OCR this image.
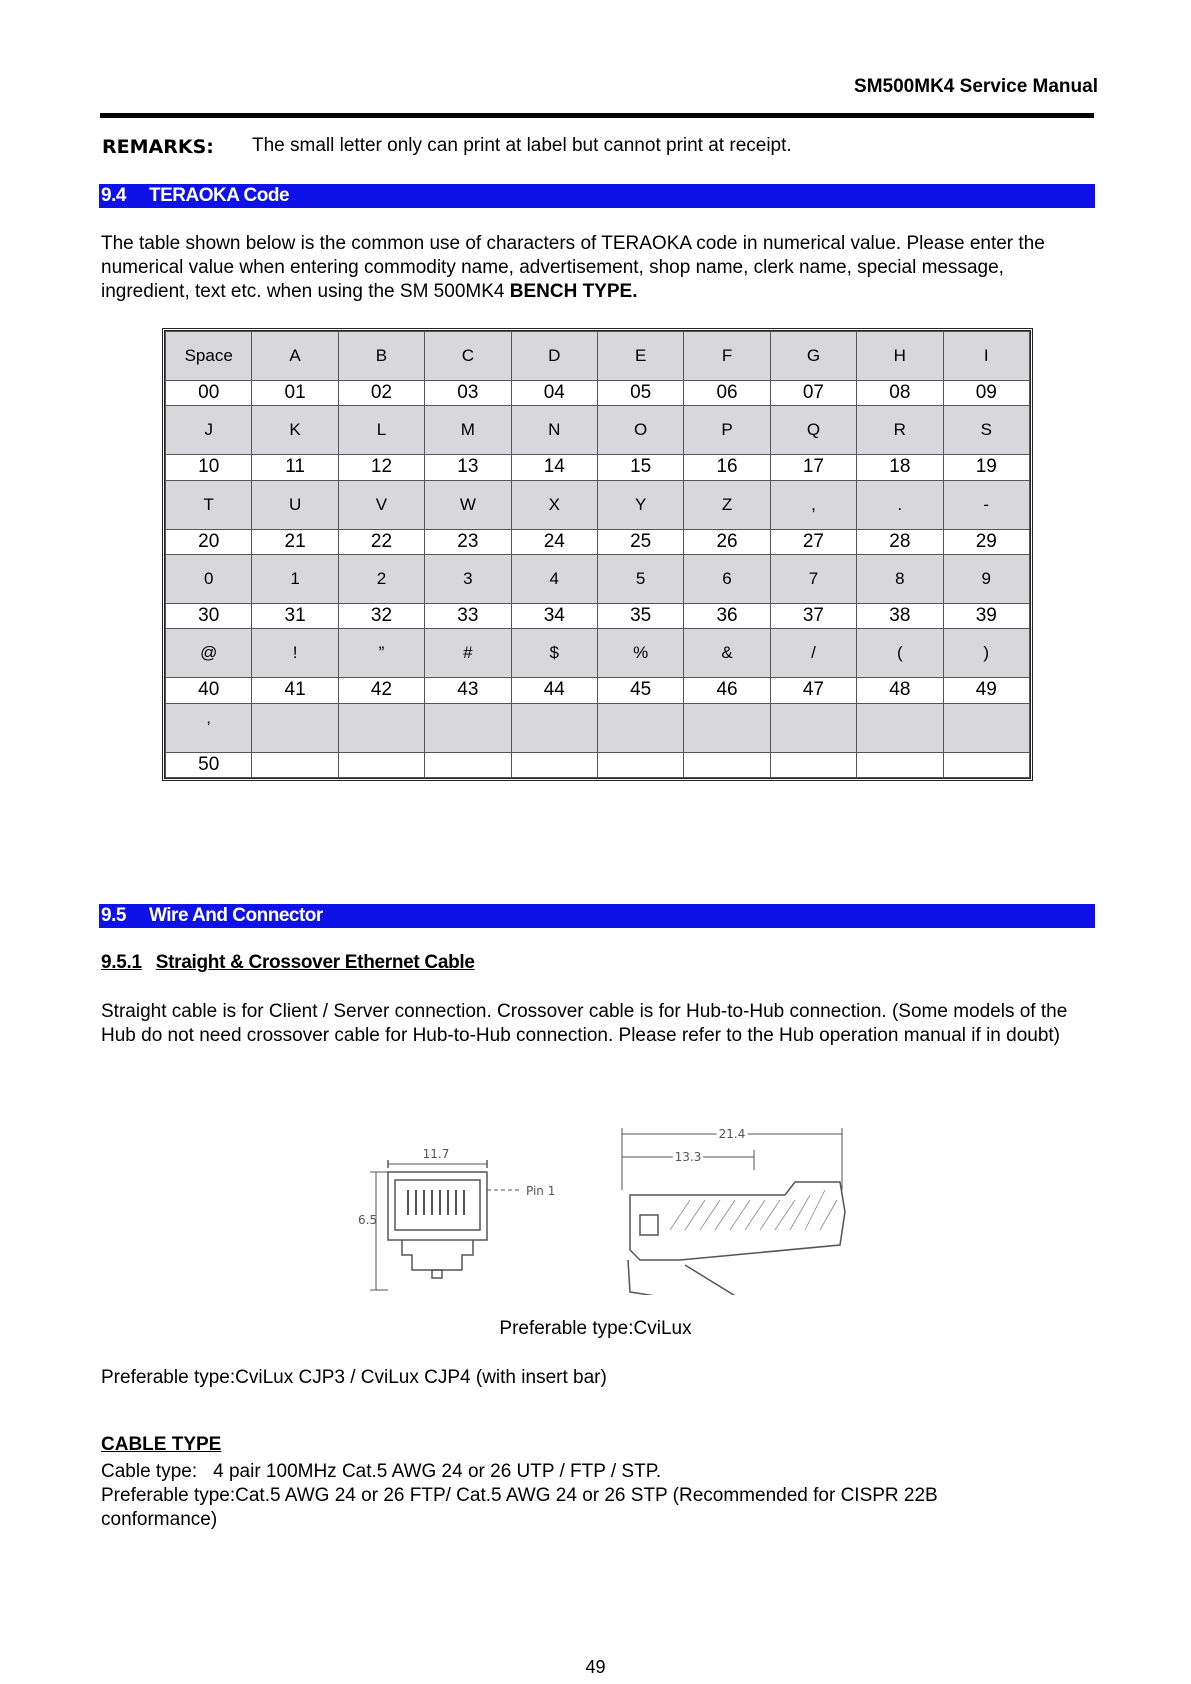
SM500MK4 Service Manual
REMARKS: The small letter only can print at label but cannot print at receipt.
9.4 TERAOKA Code
The table shown below is the common use of characters of TERAOKA code in numerical value. Please enter the numerical value when entering commodity name, advertisement, shop name, clerk name, special message, ingredient, text etc. when using the SM 500MK4 BENCH TYPE.
Space	A	B	C	D	E	F	G	H	I
00	01	02	03	04	05	06	07	08	09
J	K	L	M	N	O	P	Q	R	S
10	11	12	13	14	15	16	17	18	19
T	U	V	W	X	Y	Z	,	.	-
20	21	22	23	24	25	26	27	28	29
0	1	2	3	4	5	6	7	8	9
30	31	32	33	34	35	36	37	38	39
@	!	”	#	$	%	&	/	(	)
40	41	42	43	44	45	46	47	48	49
’									
50									
9.5 Wire And Connector
9.5.1 Straight & Crossover Ethernet Cable
Straight cable is for Client / Server connection. Crossover cable is for Hub-to-Hub connection. (Some models of the Hub do not need crossover cable for Hub-to-Hub connection. Please refer to the Hub operation manual if in doubt)
11.7
6.5
Pin 1
21.4
13.3
Preferable type:CviLux
Preferable type:CviLux CJP3 / CviLux CJP4 (with insert bar)
CABLE TYPE
Cable type: 4 pair 100MHz Cat.5 AWG 24 or 26 UTP / FTP / STP.
Preferable type:Cat.5 AWG 24 or 26 FTP/ Cat.5 AWG 24 or 26 STP (Recommended for CISPR 22B conformance)
49
